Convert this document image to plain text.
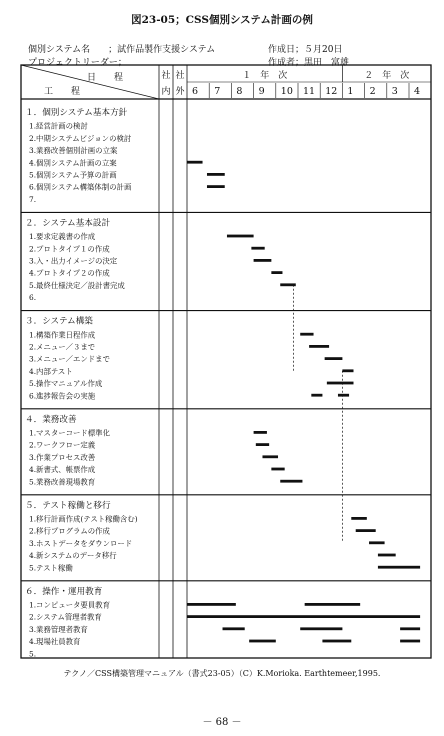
図23-05；CSS個別システム計画の例
個別システム名　　；試作品製作支援システム
プロジェクトリーダー；
作成日；５月20日
作成者；黒田　富雄
日　　程
工　　程
社
内
社
外
１　年　次	２　年　次
6 7 8 9 10 11 12 1 2 3 4
１．個別システム基本方針
1.経営計画の検討
2.中期システムビジョンの検討
3.業務改善個別計画の立案
4.個別システム計画の立案
5.個別システム予算の計画
6.個別システム構築体制の計画
7.
２．システム基本設計
1.要求定義書の作成
2.プロトタイプ１の作成
3.入・出力イメージの決定
4.プロトタイプ２の作成
5.最終仕様決定／設計書完成
6.
３．システム構築
1.構築作業日程作成
2.メニュー／３まで
3.メニュー／エンドまで
4.内部テスト
5.操作マニュアル作成
6.進捗報告会の実施
４．業務改善
1.マスターコード標準化
2.ワークフロー定義
3.作業プロセス改善
4.新書式、帳票作成
5.業務改善現場教育
５．テスト稼働と移行
1.移行計画作成(テスト稼働含む)
2.移行プログラムの作成
3.ホストデータをダウンロード
4.新システムのデータ移行
5.テスト稼働
６．操作・運用教育
1.コンピュータ要員教育
2.システム管理者教育
3.業務管理者教育
4.現場社員教育
5.
テクノ／CSS構築管理マニュアル（書式23-05）（C）K.Morioka. Earthtemeer,1995.
－ 68 －
